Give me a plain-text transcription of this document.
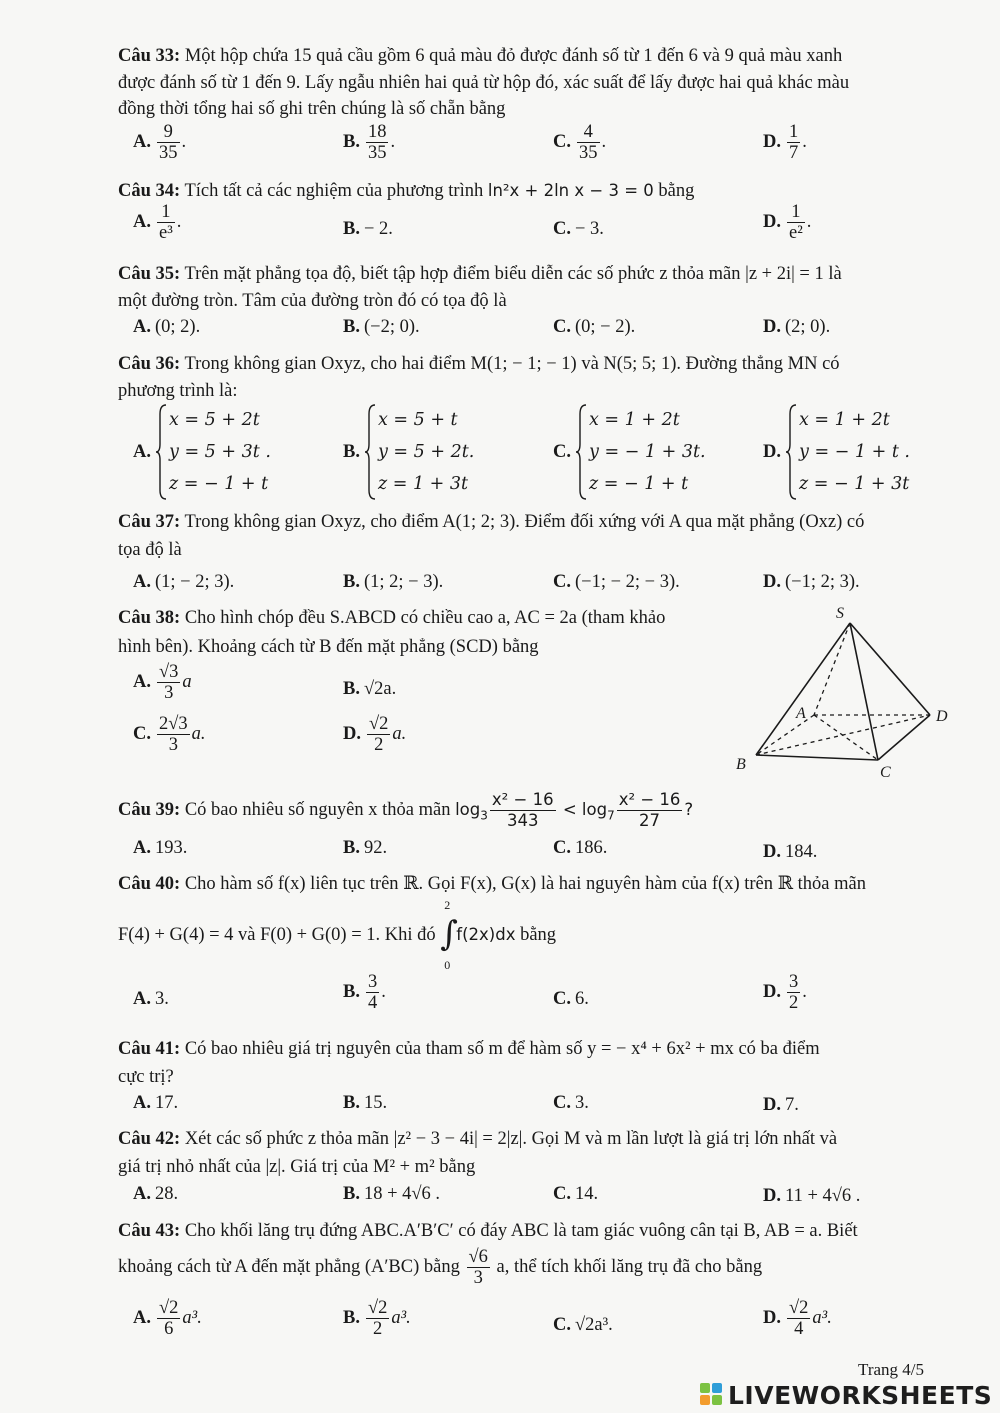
Câu 33: Một hộp chứa 15 quả cầu gồm 6 quả màu đỏ được đánh số từ 1 đến 6 và 9 quả màu xanh
được đánh số từ 1 đến 9. Lấy ngẫu nhiên hai quả từ hộp đó, xác suất để lấy được hai quả khác màu
đồng thời tổng hai số ghi trên chúng là số chẵn bằng
A. $\frac{9}{35}$ .	B. $\frac{18}{35}$ .	C. $\frac{4}{35}$ .	D. $\frac{1}{7}$ .
Câu 34: Tích tất cả các nghiệm của phương trình ln²x + 2ln x − 3 = 0 bằng
A. $\frac{1}{\text{e³}}$ .	B. − 2.	C. − 3.	D. $\frac{1}{\text{e²}}$ .
Câu 35: Trên mặt phẳng tọa độ, biết tập hợp điểm biểu diễn các số phức z thỏa mãn |z + 2i| = 1 là
một đường tròn. Tâm của đường tròn đó có tọa độ là
A. (0; 2).	B. (−2; 0).	C. (0; − 2).	D. (2; 0).
Câu 36: Trong không gian Oxyz, cho hai điểm M(1; − 1; − 1) và N(5; 5; 1). Đường thẳng MN có
phương trình là:
A.
x = 5 + 2t
y = 5 + 3t .
z = − 1 + t
B.
x = 5 + t
y = 5 + 2t.
z = 1 + 3t
C.
x = 1 + 2t
y = − 1 + 3t.
z = − 1 + t
D.
x = 1 + 2t
y = − 1 + t .
z = − 1 + 3t
Câu 37: Trong không gian Oxyz, cho điểm A(1; 2; 3). Điểm đối xứng với A qua mặt phẳng (Oxz) có
tọa độ là
A. (1; − 2; 3).	B. (1; 2; − 3).	C. (−1; − 2; − 3).	D. (−1; 2; 3).
Câu 38: Cho hình chóp đều S.ABCD có chiều cao a, AC = 2a (tham khảo
hình bên). Khoảng cách từ B đến mặt phẳng (SCD) bằng
A. $\frac{√3}{3}$ a	B. √2a.
C. $\frac{2√3}{3} a$.	D. $\frac{√2}{2} a$.
S
A	D
B	C
Câu 39: Có bao nhiêu số nguyên x thỏa mãn $\log_3 \frac{\text{x² − 16}}{343} < \log_7 \frac{\text{x² − 16}}{27}$ ?
A. 193.	B. 92.	C. 186.	D. 184.
Câu 40: Cho hàm số f(x) liên tục trên ℝ. Gọi F(x), G(x) là hai nguyên hàm của f(x) trên ℝ thỏa mãn
F(4) + G(4) = 4 và F(0) + G(0) = 1. Khi đó
2
∫
0
f(2x)dx bằng
A. 3.	B. $\frac{3}{4}$ .	C. 6.	D. $\frac{3}{2}$ .
Câu 41: Có bao nhiêu giá trị nguyên của tham số m để hàm số y = − x⁴ + 6x² + mx có ba điểm
cực trị?
A. 17.	B. 15.	C. 3.	D. 7.
Câu 42: Xét các số phức z thỏa mãn |z² − 3 − 4i| = 2|z|. Gọi M và m lần lượt là giá trị lớn nhất và
giá trị nhỏ nhất của |z|. Giá trị của M² + m² bằng
A. 28.	B. 18 + 4√6 .	C. 14.	D. 11 + 4√6 .
Câu 43: Cho khối lăng trụ đứng ABC.A′B′C′ có đáy ABC là tam giác vuông cân tại B, AB = a. Biết
khoảng cách từ A đến mặt phẳng (A′BC) bằng $\frac{√6}{3} a$, thể tích khối lăng trụ đã cho bằng
A. $\frac{√2}{6} a^3$.	B. $\frac{√2}{2} a^3$.	C. √2a³.	D. $\frac{√2}{4} a^3$.
Trang 4/5
LIVEWORKSHEETS
